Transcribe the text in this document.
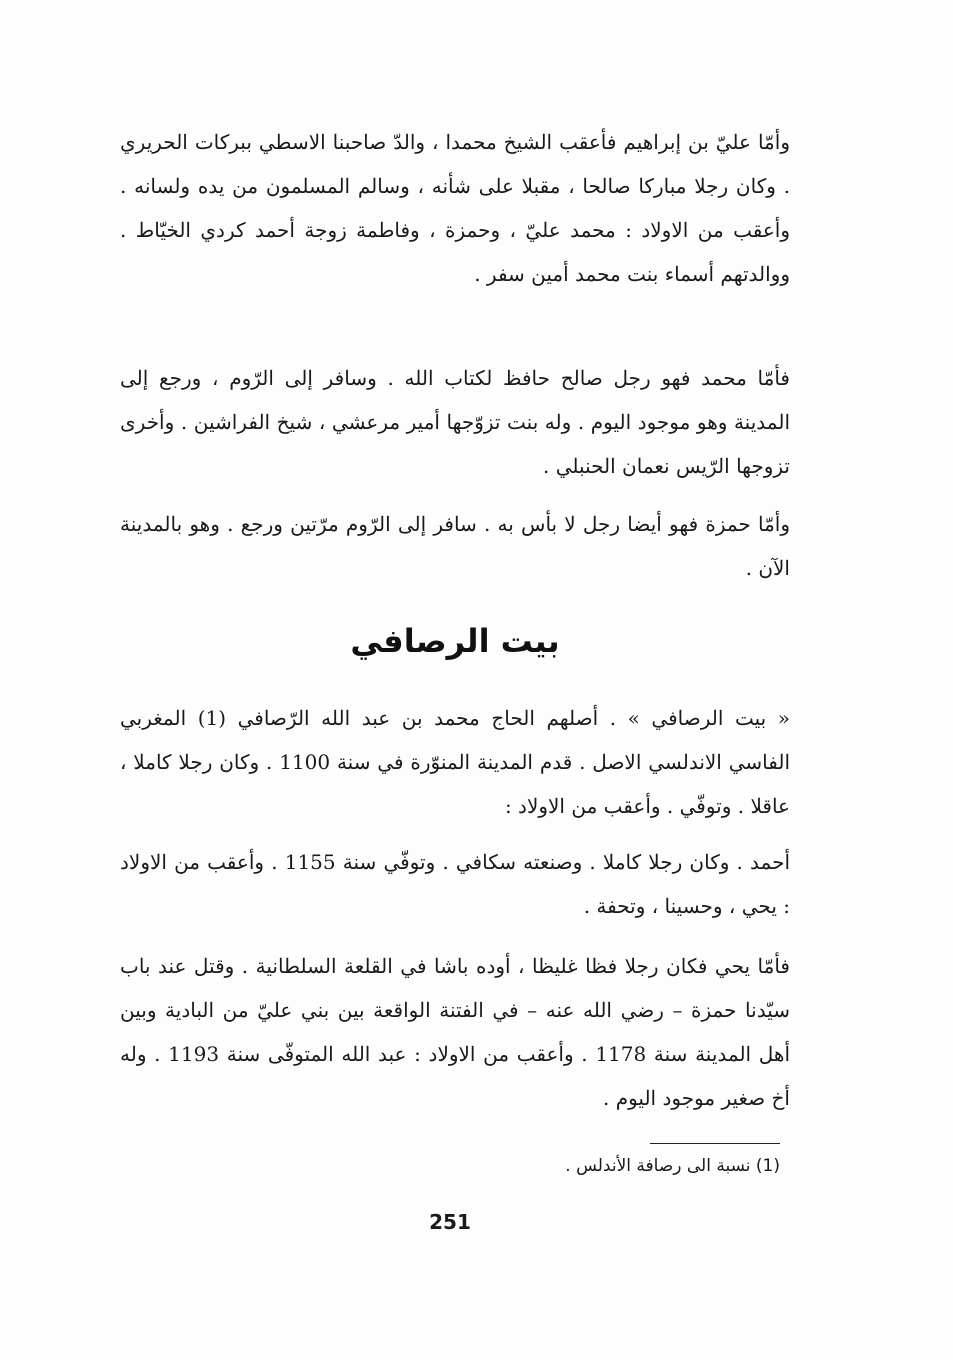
وأمّا عليّ بن إبراهيم فأعقب الشيخ محمدا ، والدّ صاحبنا الاسطي ببركات الحريري . وكان رجلا مباركا صالحا ، مقبلا على شأنه ، وسالم المسلمون من يده ولسانه . وأعقب من الاولاد : محمد عليّ ، وحمزة ، وفاطمة زوجة أحمد كردي الخيّاط . ووالدتهم أسماء بنت محمد أمين سفر .

فأمّا محمد فهو رجل صالح حافظ لكتاب الله . وسافر إلى الرّوم ، ورجع إلى المدينة وهو موجود اليوم . وله بنت تزوّجها أمير مرعشي ، شيخ الفراشين . وأخرى تزوجها الرّيس نعمان الحنبلي .

وأمّا حمزة فهو أيضا رجل لا بأس به . سافر إلى الرّوم مرّتين ورجع . وهو بالمدينة الآن .

بيت الرصافي

« بيت الرصافي » . أصلهم الحاج محمد بن عبد الله الرّصافي (1) المغربي الفاسي الاندلسي الاصل . قدم المدينة المنوّرة في سنة 1100 . وكان رجلا كاملا ، عاقلا . وتوفّي . وأعقب من الاولاد :

أحمد . وكان رجلا كاملا . وصنعته سكافي . وتوفّي سنة 1155 . وأعقب من الاولاد : يحي ، وحسينا ، وتحفة .

فأمّا يحي فكان رجلا فظا غليظا ، أوده باشا في القلعة السلطانية . وقتل عند باب سيّدنا حمزة – رضي الله عنه – في الفتنة الواقعة بين بني عليّ من البادية وبين أهل المدينة سنة 1178 . وأعقب من الاولاد : عبد الله المتوفّى سنة 1193 . وله أخ صغير موجود اليوم .

(1) نسبة الى رصافة الأندلس .
251
